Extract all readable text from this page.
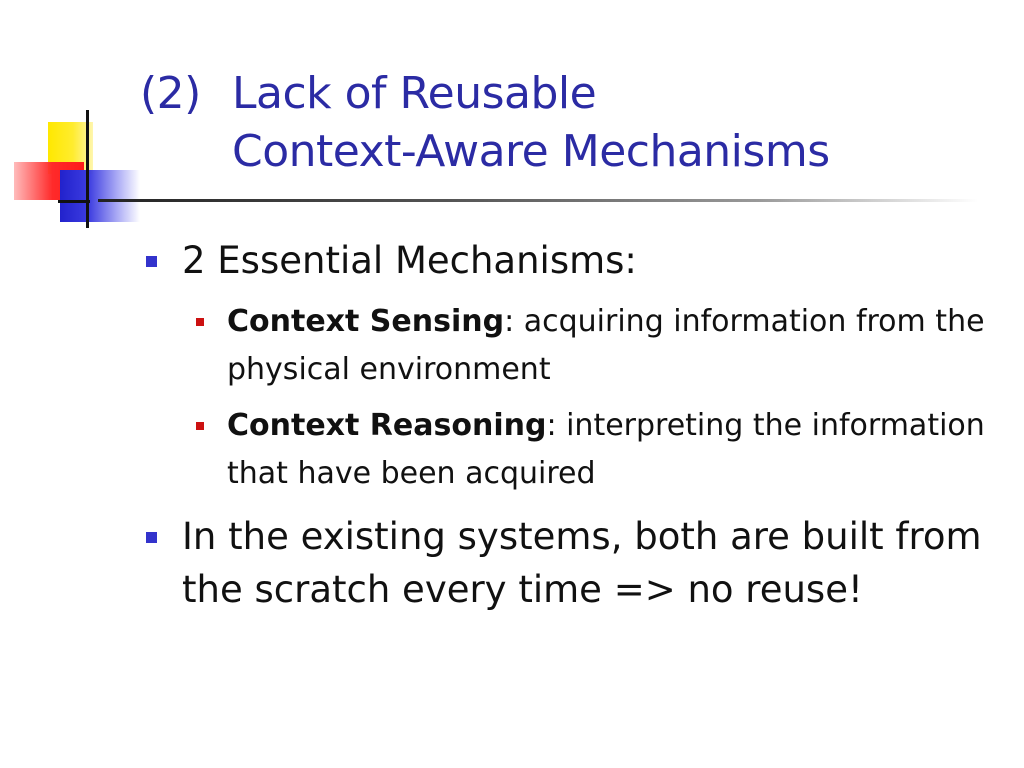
(2) Lack of Reusable
Context-Aware Mechanisms
2 Essential Mechanisms:
Context Sensing: acquiring information from the physical environment
Context Reasoning: interpreting the information that have been acquired
In the existing systems, both are built from the scratch every time => no reuse!
